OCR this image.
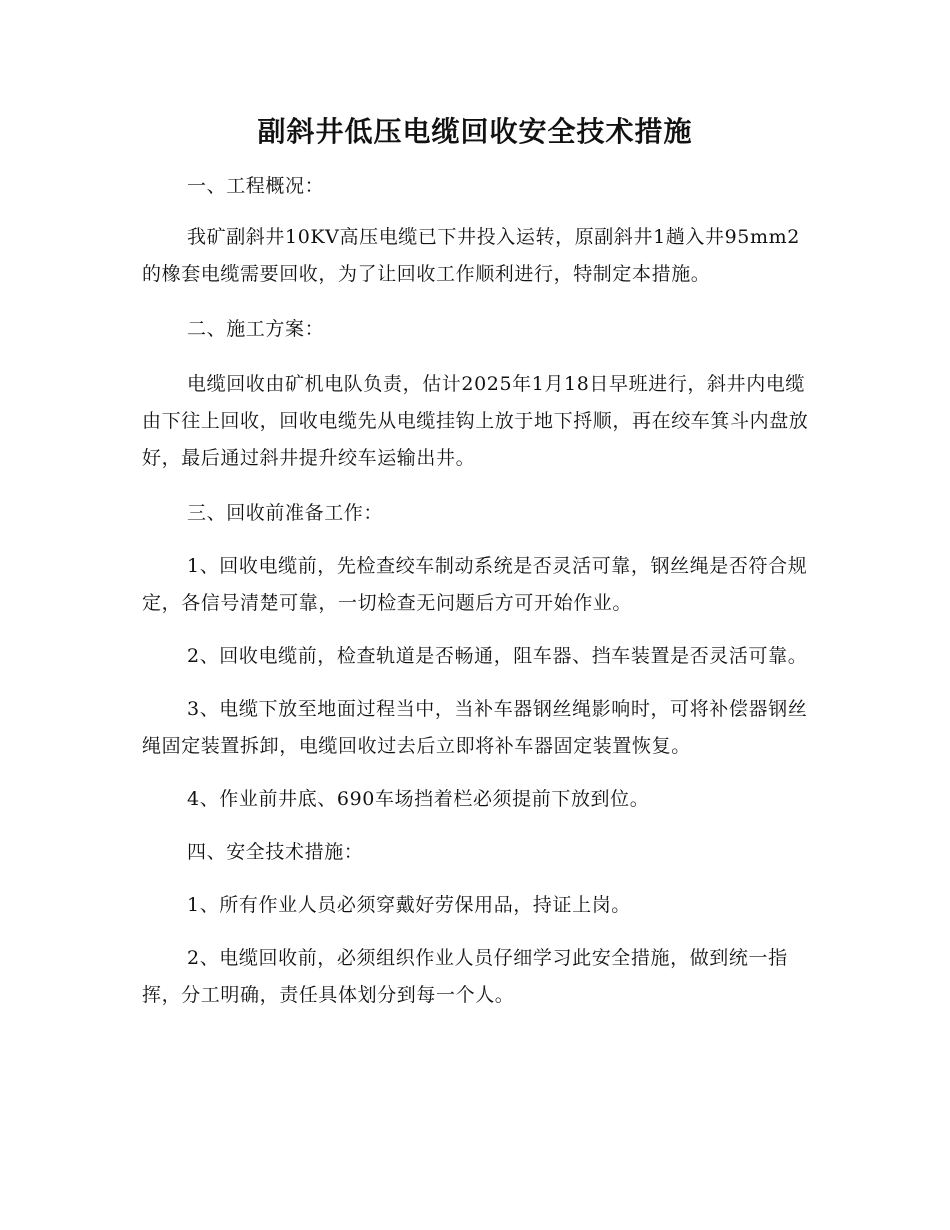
副斜井低压电缆回收安全技术措施

一、工程概况：

我矿副斜井10KV高压电缆已下井投入运转，原副斜井1趟入井95mm2的橡套电缆需要回收，为了让回收工作顺利进行，特制定本措施。

二、施工方案：

电缆回收由矿机电队负责，估计2025年1月18日早班进行，斜井内电缆由下往上回收，回收电缆先从电缆挂钩上放于地下捋顺，再在绞车箕斗内盘放好，最后通过斜井提升绞车运输出井。

三、回收前准备工作：

1、回收电缆前，先检查绞车制动系统是否灵活可靠，钢丝绳是否符合规定，各信号清楚可靠，一切检查无问题后方可开始作业。

2、回收电缆前，检查轨道是否畅通，阻车器、挡车装置是否灵活可靠。

3、电缆下放至地面过程当中，当补车器钢丝绳影响时，可将补偿器钢丝绳固定装置拆卸，电缆回收过去后立即将补车器固定装置恢复。

4、作业前井底、690车场挡着栏必须提前下放到位。

四、安全技术措施：

1、所有作业人员必须穿戴好劳保用品，持证上岗。

2、电缆回收前，必须组织作业人员仔细学习此安全措施，做到统一指挥，分工明确，责任具体划分到每一个人。
